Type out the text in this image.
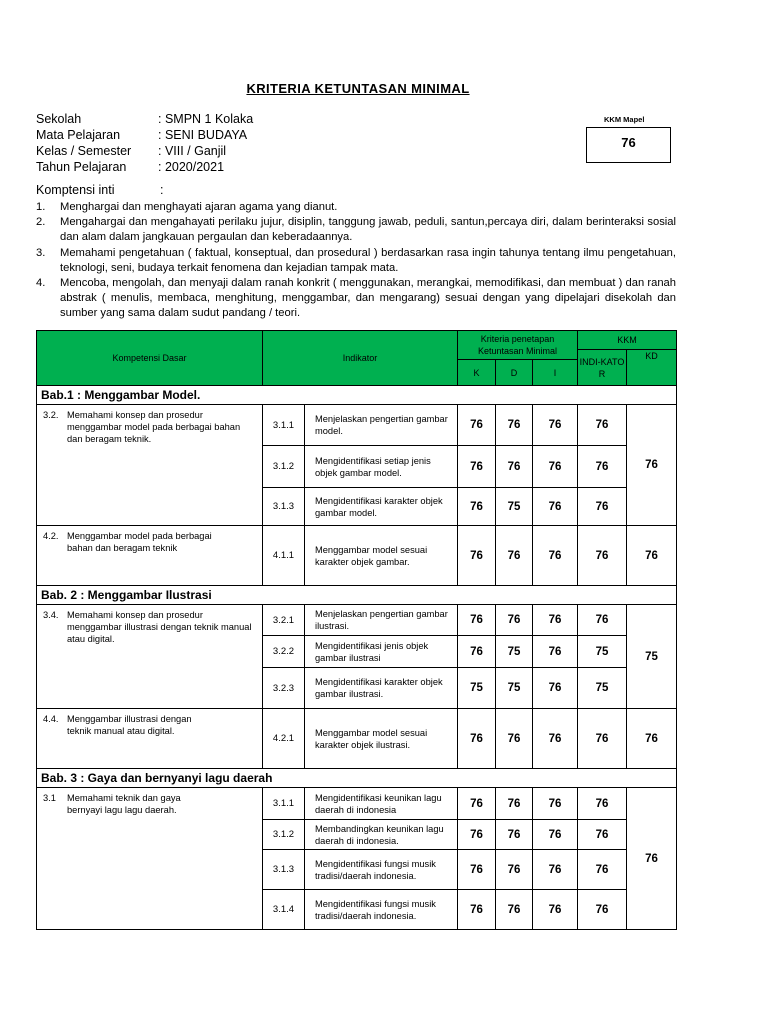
KRITERIA KETUNTASAN MINIMAL
Sekolah	: SMPN 1 Kolaka
Mata Pelajaran	: SENI BUDAYA
Kelas / Semester	: VIII / Ganjil
Tahun Pelajaran	: 2020/2021
KKM Mapel
76
Komptensi inti	:
1.	Menghargai dan menghayati ajaran agama yang dianut.
2.	Mengahargai dan mengahayati perilaku jujur, disiplin, tanggung jawab, peduli, santun,percaya diri, dalam berinteraksi sosial dan alam dalam jangkauan pergaulan dan keberadaannya.
3.	Memahami pengetahuan ( faktual, konseptual, dan prosedural ) berdasarkan rasa ingin tahunya tentang ilmu pengetahuan, teknologi, seni, budaya terkait fenomena dan kejadian tampak mata.
4.	Mencoba, mengolah, dan menyaji dalam ranah konkrit ( menggunakan, merangkai, memodifikasi, dan membuat ) dan ranah abstrak ( menulis, membaca, menghitung, menggambar, dan mengarang) sesuai dengan yang dipelajari disekolah dan sumber yang sama dalam sudut pandang / teori.
Kompetensi Dasar	Indikator		Kriteria penetapan Ketuntasan Minimal			KKM	
						INDI-KATO R	KD
			K	D	I		
Bab.1 : Menggambar Model.							

3.2. Memahami konsep dan prosedur
menggambar model pada berbagai bahan dan beragam teknik.	3.1.1	Menjelaskan pengertian gambar model.	76	76	76	76	76
	3.1.2	Mengidentifikasi setiap jenis objek gambar model.	76	76	76	76	
	3.1.3	Mengidentifikasi karakter objek gambar model.	76	75	76	76	

4.2. Menggambar model pada berbagai
bahan dan beragam teknik	4.1.1	Menggambar model sesuai karakter objek gambar.	76	76	76	76	76
Bab. 2 : Menggambar Ilustrasi							

3.4. Memahami konsep dan prosedur
menggambar illustrasi dengan teknik manual atau digital.	3.2.1	Menjelaskan pengertian gambar ilustrasi.	76	76	76	76	75
	3.2.2	Mengidentifikasi jenis objek gambar ilustrasi	76	75	76	75	
	3.2.3	Mengidentifikasi karakter objek gambar ilustrasi.	75	75	76	75	

4.4. Menggambar illustrasi dengan
teknik manual atau digital.	4.2.1	Menggambar model sesuai karakter objek ilustrasi.	76	76	76	76	76
Bab. 3 : Gaya dan bernyanyi lagu daerah							

3.1 Memahami teknik dan gaya
bernyayi lagu lagu daerah.	3.1.1	Mengidentifikasi keunikan lagu daerah di indonesia	76	76	76	76	76
	3.1.2	Membandingkan keunikan lagu daerah di indonesia.	76	76	76	76	
	3.1.3	Mengidentifikasi fungsi musik tradisi/daerah indonesia.	76	76	76	76	
	3.1.4	Mengidentifikasi fungsi musik tradisi/daerah indonesia.	76	76	76	76	
